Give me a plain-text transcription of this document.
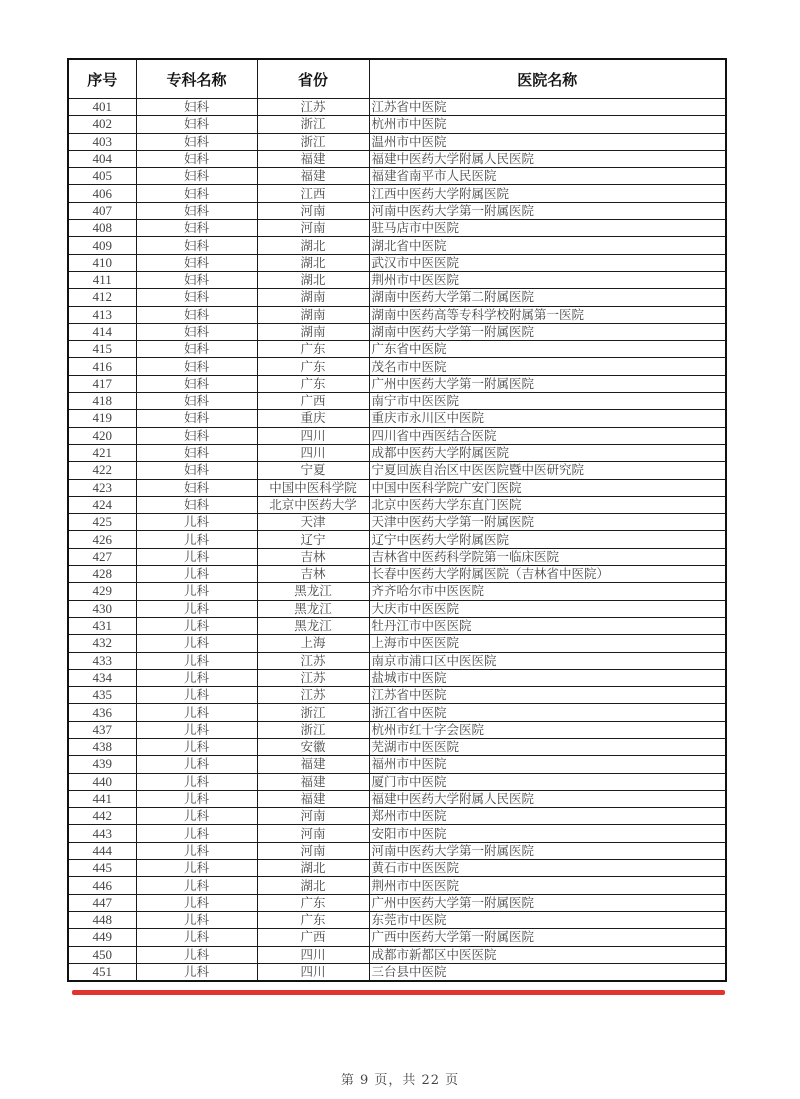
序号	专科名称	省份	医院名称
401	妇科	江苏	江苏省中医院
402	妇科	浙江	杭州市中医院
403	妇科	浙江	温州市中医院
404	妇科	福建	福建中医药大学附属人民医院
405	妇科	福建	福建省南平市人民医院
406	妇科	江西	江西中医药大学附属医院
407	妇科	河南	河南中医药大学第一附属医院
408	妇科	河南	驻马店市中医院
409	妇科	湖北	湖北省中医院
410	妇科	湖北	武汉市中医医院
411	妇科	湖北	荆州市中医医院
412	妇科	湖南	湖南中医药大学第二附属医院
413	妇科	湖南	湖南中医药高等专科学校附属第一医院
414	妇科	湖南	湖南中医药大学第一附属医院
415	妇科	广东	广东省中医院
416	妇科	广东	茂名市中医院
417	妇科	广东	广州中医药大学第一附属医院
418	妇科	广西	南宁市中医医院
419	妇科	重庆	重庆市永川区中医院
420	妇科	四川	四川省中西医结合医院
421	妇科	四川	成都中医药大学附属医院
422	妇科	宁夏	宁夏回族自治区中医医院暨中医研究院
423	妇科	中国中医科学院	中国中医科学院广安门医院
424	妇科	北京中医药大学	北京中医药大学东直门医院
425	儿科	天津	天津中医药大学第一附属医院
426	儿科	辽宁	辽宁中医药大学附属医院
427	儿科	吉林	吉林省中医药科学院第一临床医院
428	儿科	吉林	长春中医药大学附属医院（吉林省中医院）
429	儿科	黑龙江	齐齐哈尔市中医医院
430	儿科	黑龙江	大庆市中医医院
431	儿科	黑龙江	牡丹江市中医医院
432	儿科	上海	上海市中医医院
433	儿科	江苏	南京市浦口区中医医院
434	儿科	江苏	盐城市中医院
435	儿科	江苏	江苏省中医院
436	儿科	浙江	浙江省中医院
437	儿科	浙江	杭州市红十字会医院
438	儿科	安徽	芜湖市中医医院
439	儿科	福建	福州市中医院
440	儿科	福建	厦门市中医院
441	儿科	福建	福建中医药大学附属人民医院
442	儿科	河南	郑州市中医院
443	儿科	河南	安阳市中医院
444	儿科	河南	河南中医药大学第一附属医院
445	儿科	湖北	黄石市中医医院
446	儿科	湖北	荆州市中医医院
447	儿科	广东	广州中医药大学第一附属医院
448	儿科	广东	东莞市中医院
449	儿科	广西	广西中医药大学第一附属医院
450	儿科	四川	成都市新都区中医医院
451	儿科	四川	三台县中医院
第 9 页，共 22 页
